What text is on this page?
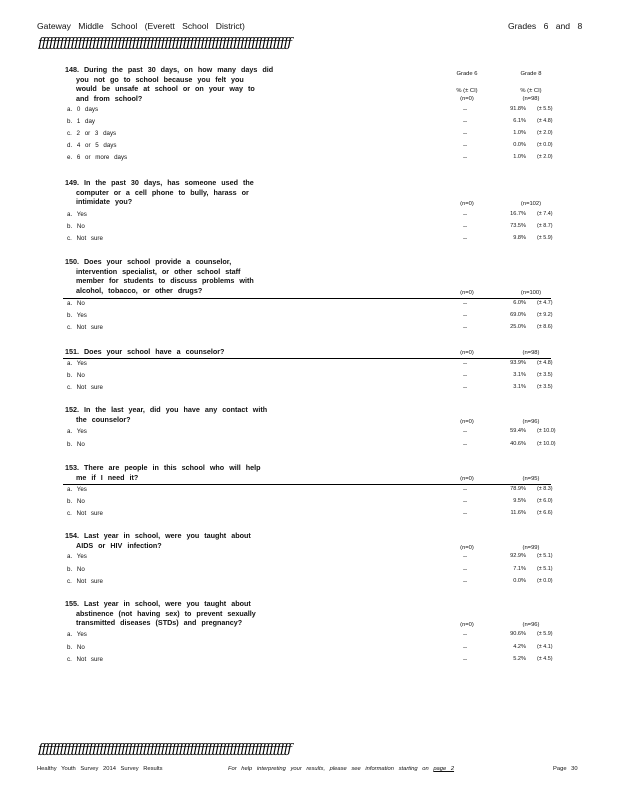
Gateway Middle School (Everett School District)	Grades 6 and 8
ƒƒƒƒƒƒƒƒƒƒƒƒƒƒƒƒƒƒƒƒƒƒƒƒƒƒƒƒƒƒƒƒƒƒƒƒƒƒƒƒƒƒƒƒƒƒƒƒƒƒƒƒƒƒƒƒƒƒƒƒƒƒƒƒƒƒƒƒƒƒ
148. During the past 30 days, on how many days did
you not go to school because you felt you
would be unsafe at school or on your way to
and from school?
Grade 6	Grade 8
% (± CI)	% (± CI)
(n=0)	(n=98)
a. 0 days	--	91.8% (± 5.5)
b. 1 day	--	6.1% (± 4.8)
c. 2 or 3 days	--	1.0% (± 2.0)
d. 4 or 5 days	--	0.0% (± 0.0)
e. 6 or more days	--	1.0% (± 2.0)
149. In the past 30 days, has someone used the
computer or a cell phone to bully, harass or
intimidate you?	(n=0)	(n=102)
a. Yes	--	16.7% (± 7.4)
b. No	--	73.5% (± 8.7)
c. Not sure	--	9.8% (± 5.9)
150. Does your school provide a counselor,
intervention specialist, or other school staff
member for students to discuss problems with
alcohol, tobacco, or other drugs?	(n=0)	(n=100)
a. No	--	6.0% (± 4.7)
b. Yes	--	69.0% (± 9.2)
c. Not sure	--	25.0% (± 8.6)
151. Does your school have a counselor?	(n=0)	(n=98)
a. Yes	--	93.9% (± 4.8)
b. No	--	3.1% (± 3.5)
c. Not sure	--	3.1% (± 3.5)
152. In the last year, did you have any contact with
the counselor?	(n=0)	(n=96)
a. Yes	--	59.4% (± 10.0)
b. No	--	40.6% (± 10.0)
153. There are people in this school who will help
me if I need it?	(n=0)	(n=95)
a. Yes	--	78.9% (± 8.3)
b. No	--	9.5% (± 6.0)
c. Not sure	--	11.6% (± 6.6)
154. Last year in school, were you taught about
AIDS or HIV infection?	(n=0)	(n=99)
a. Yes	--	92.9% (± 5.1)
b. No	--	7.1% (± 5.1)
c. Not sure	--	0.0% (± 0.0)
155. Last year in school, were you taught about
abstinence (not having sex) to prevent sexually
transmitted diseases (STDs) and pregnancy?	(n=0)	(n=96)
a. Yes	--	90.6% (± 5.9)
b. No	--	4.2% (± 4.1)
c. Not sure	--	5.2% (± 4.5)
ƒƒƒƒƒƒƒƒƒƒƒƒƒƒƒƒƒƒƒƒƒƒƒƒƒƒƒƒƒƒƒƒƒƒƒƒƒƒƒƒƒƒƒƒƒƒƒƒƒƒƒƒƒƒƒƒƒƒƒƒƒƒƒƒƒƒƒƒƒƒ
Healthy Youth Survey 2014 Survey Results	For help interpreting your results, please see information starting on page 2	Page 30
